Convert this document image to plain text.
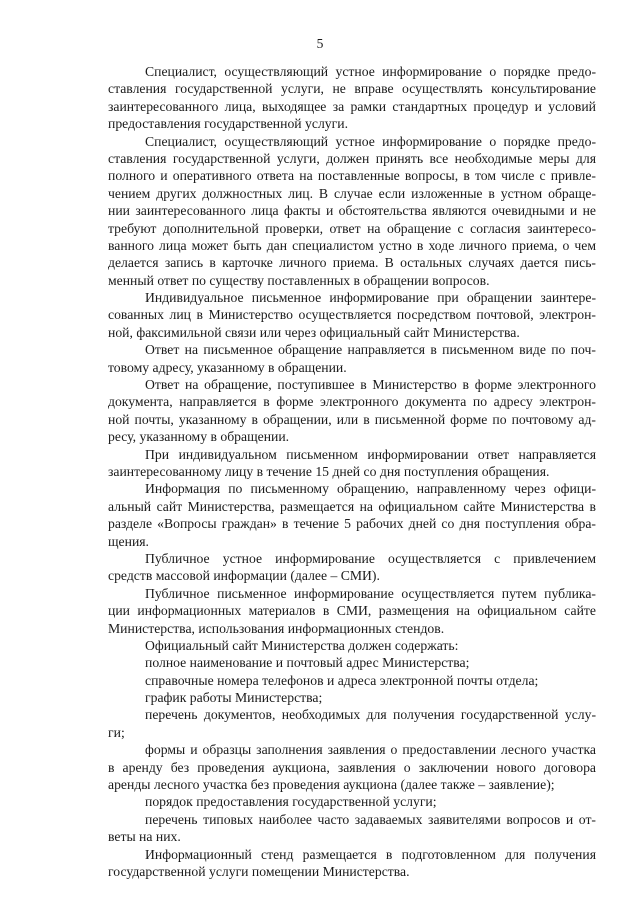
5
Специалист, осуществляющий устное информирование о порядке предо-
ставления государственной услуги, не вправе осуществлять консультирование
заинтересованного лица, выходящее за рамки стандартных процедур и условий
предоставления государственной услуги.
Специалист, осуществляющий устное информирование о порядке предо-
ставления государственной услуги, должен принять все необходимые меры для
полного и оперативного ответа на поставленные вопросы, в том числе с привле-
чением других должностных лиц. В случае если изложенные в устном обраще-
нии заинтересованного лица факты и обстоятельства являются очевидными и не
требуют дополнительной проверки, ответ на обращение с согласия заинтересо-
ванного лица может быть дан специалистом устно в ходе личного приема, о чем
делается запись в карточке личного приема. В остальных случаях дается пись-
менный ответ по существу поставленных в обращении вопросов.
Индивидуальное письменное информирование при обращении заинтере-
сованных лиц в Министерство осуществляется посредством почтовой, электрон-
ной, факсимильной связи или через официальный сайт Министерства.
Ответ на письменное обращение направляется в письменном виде по поч-
товому адресу, указанному в обращении.
Ответ на обращение, поступившее в Министерство в форме электронного
документа, направляется в форме электронного документа по адресу электрон-
ной почты, указанному в обращении, или в письменной форме по почтовому ад-
ресу, указанному в обращении.
При индивидуальном письменном информировании ответ направляется
заинтересованному лицу в течение 15 дней со дня поступления обращения.
Информация по письменному обращению, направленному через офици-
альный сайт Министерства, размещается на официальном сайте Министерства в
разделе «Вопросы граждан» в течение 5 рабочих дней со дня поступления обра-
щения.
Публичное устное информирование осуществляется с привлечением
средств массовой информации (далее – СМИ).
Публичное письменное информирование осуществляется путем публика-
ции информационных материалов в СМИ, размещения на официальном сайте
Министерства, использования информационных стендов.
Официальный сайт Министерства должен содержать:
полное наименование и почтовый адрес Министерства;
справочные номера телефонов и адреса электронной почты отдела;
график работы Министерства;
перечень документов, необходимых для получения государственной услу-
ги;
формы и образцы заполнения заявления о предоставлении лесного участка
в аренду без проведения аукциона, заявления о заключении нового договора
аренды лесного участка без проведения аукциона (далее также – заявление);
порядок предоставления государственной услуги;
перечень типовых наиболее часто задаваемых заявителями вопросов и от-
веты на них.
Информационный стенд размещается в подготовленном для получения
государственной услуги помещении Министерства.
